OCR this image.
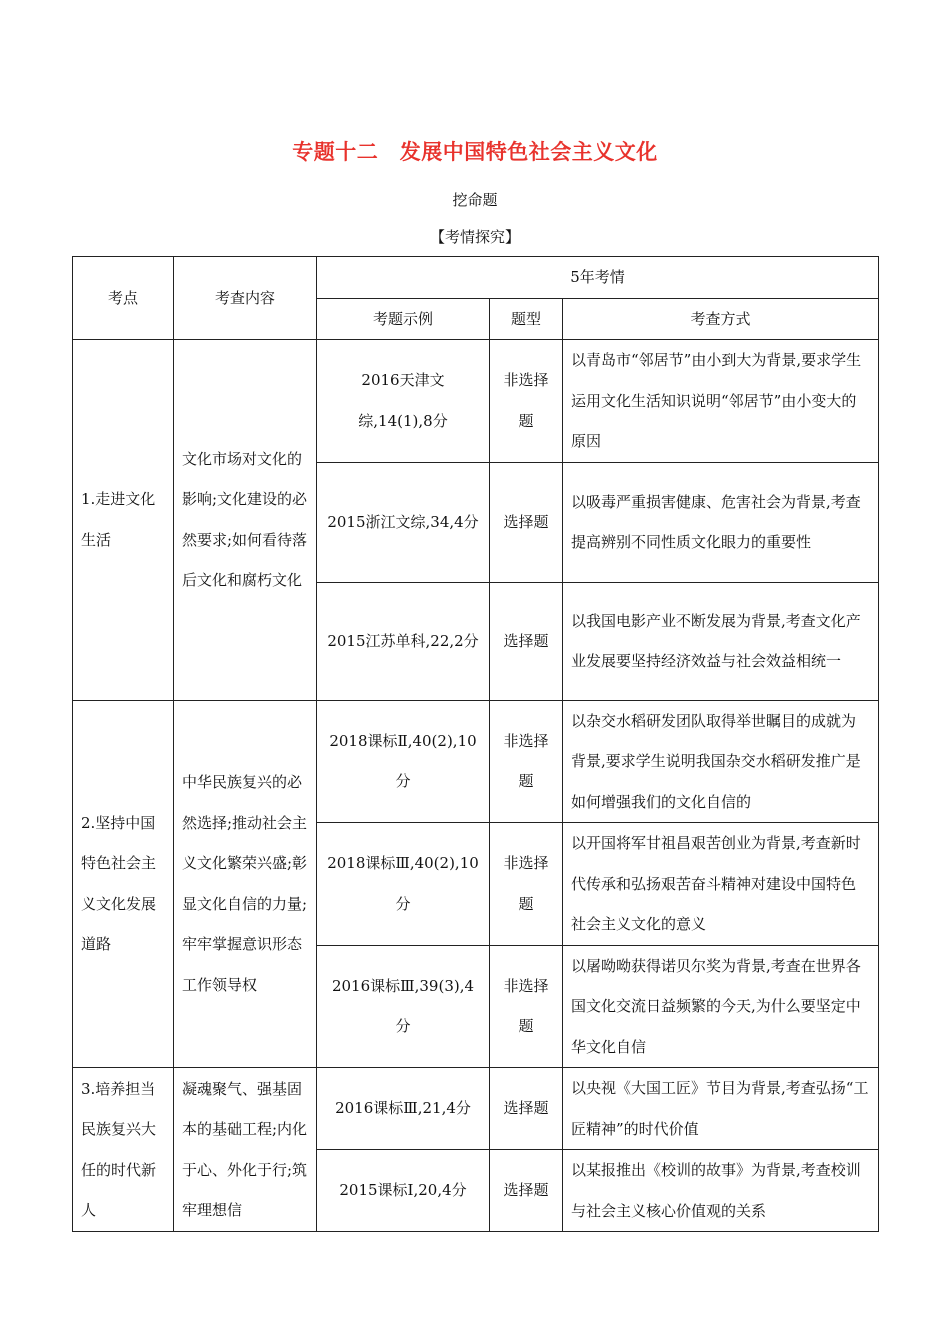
专题十二　发展中国特色社会主义文化
挖命题
【考情探究】
考点	考查内容	5年考情		
		考题示例	题型	考查方式
1.走进文化生活	文化市场对文化的影响;文化建设的必然要求;如何看待落后文化和腐朽文化	2016天津文综,14(1),8分	非选择题	以青岛市“邻居节”由小到大为背景,要求学生运用文化生活知识说明“邻居节”由小变大的原因
		2015浙江文综,34,4分	选择题	以吸毒严重损害健康、危害社会为背景,考查提高辨别不同性质文化眼力的重要性
		2015江苏单科,22,2分	选择题	以我国电影产业不断发展为背景,考查文化产业发展要坚持经济效益与社会效益相统一
2.坚持中国特色社会主义文化发展道路	中华民族复兴的必然选择;推动社会主义文化繁荣兴盛;彰显文化自信的力量;牢牢掌握意识形态工作领导权	2018课标Ⅱ,40(2),10分	非选择题	以杂交水稻研发团队取得举世瞩目的成就为背景,要求学生说明我国杂交水稻研发推广是如何增强我们的文化自信的
		2018课标Ⅲ,40(2),10分	非选择题	以开国将军甘祖昌艰苦创业为背景,考查新时代传承和弘扬艰苦奋斗精神对建设中国特色社会主义文化的意义
		2016课标Ⅲ,39(3),4分	非选择题	以屠呦呦获得诺贝尔奖为背景,考查在世界各国文化交流日益频繁的今天,为什么要坚定中华文化自信
3.培养担当民族复兴大任的时代新人	凝魂聚气、强基固本的基础工程;内化于心、外化于行;筑牢理想信	2016课标Ⅲ,21,4分	选择题	以央视《大国工匠》节目为背景,考查弘扬“工匠精神”的时代价值
		2015课标Ⅰ,20,4分	选择题	以某报推出《校训的故事》为背景,考查校训与社会主义核心价值观的关系
